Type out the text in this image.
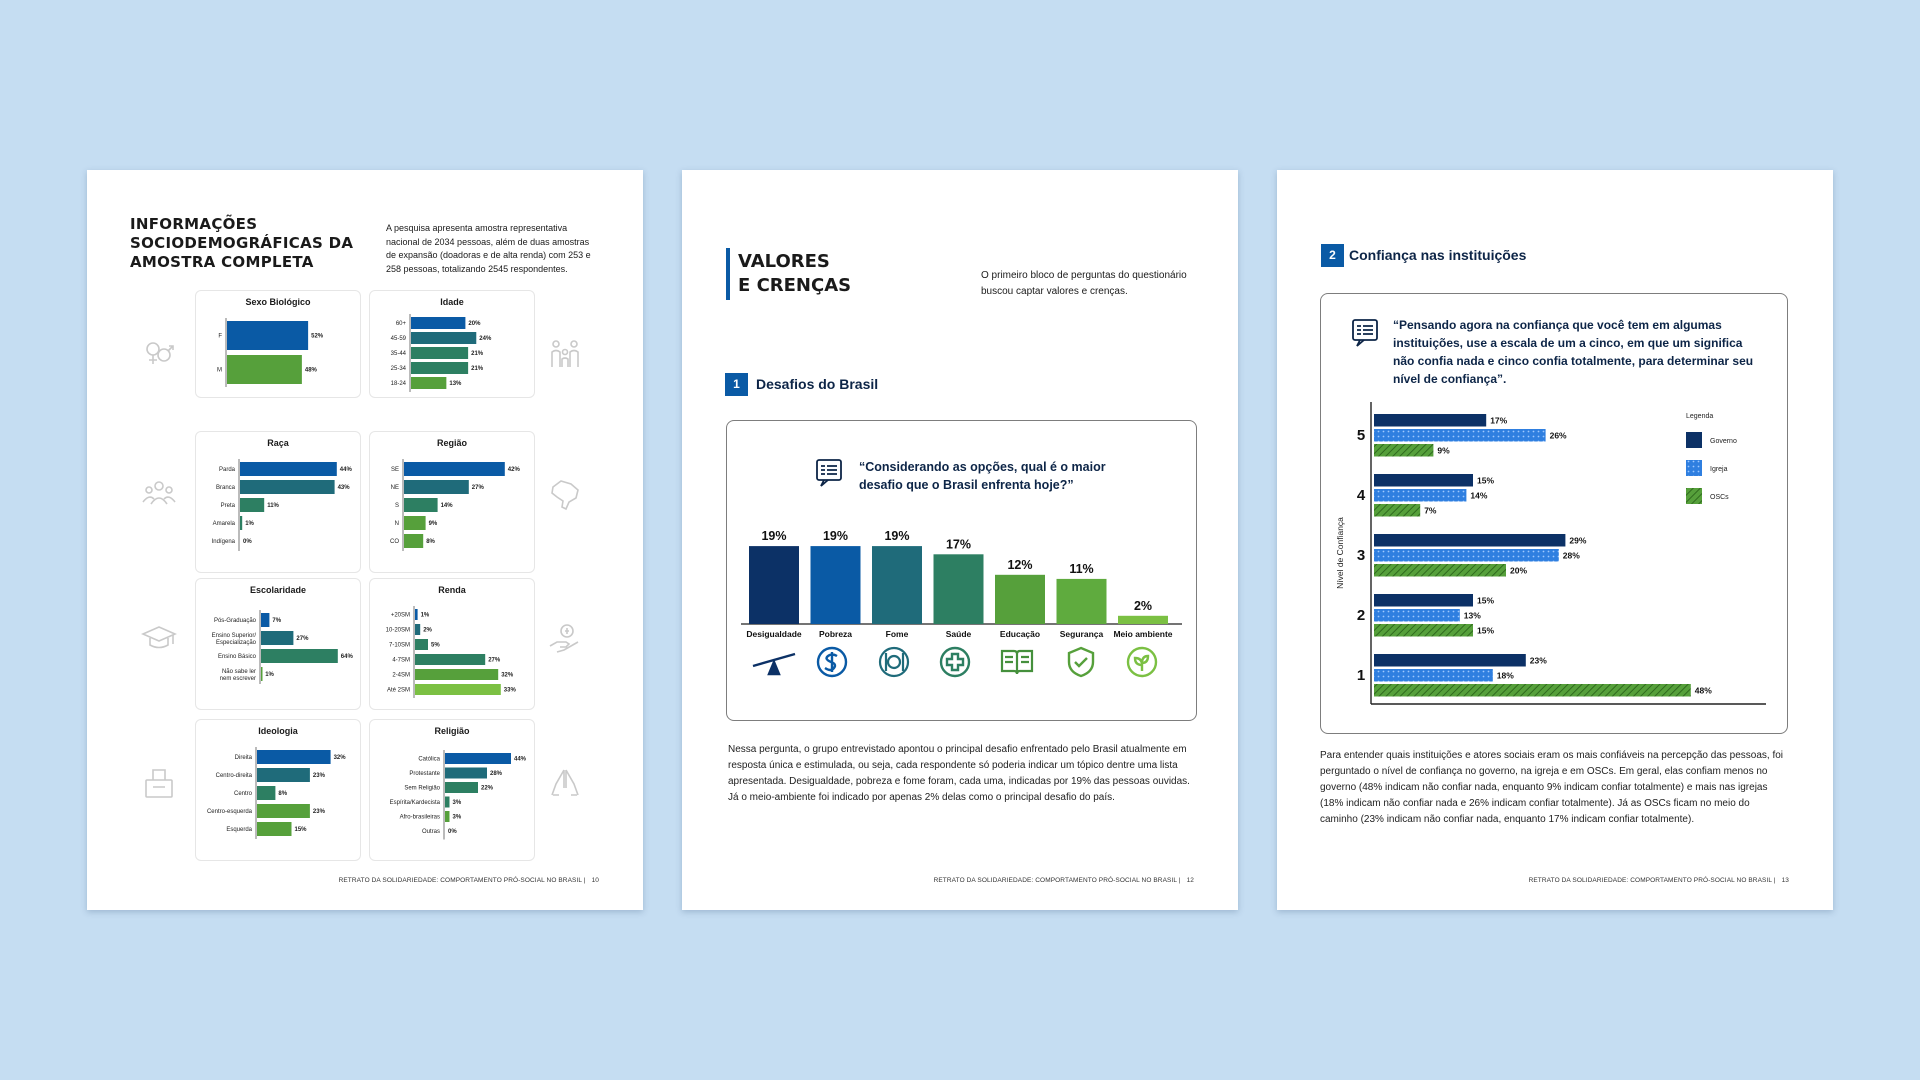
INFORMAÇÕES SOCIODEMOGRÁFICAS DA AMOSTRA COMPLETA
A pesquisa apresenta amostra representativa nacional de 2034 pessoas, além de duas amostras de expansão (doadoras e de alta renda) com 253 e 258 pessoas, totalizando 2545 respondentes.
Sexo Biológico
F	52%
M	48%
Idade
60+	20%
45-59	24%
35-44	21%
25-34	21%
18-24	13%
Raça
Parda	44%
Branca	43%
Preta	11%
Amarela 1%
Indígena 0%
Região
SE	42%
NE	27%
S	14%
N	9%
CO	8%
Escolaridade
Pós-Graduação	7%
Ensino Superior/
Especialização
27%
Ensino Básico	64%
Não sabe ler
nem escrever
1%
Renda
+20SM 1%
10-20SM 2%
7-10SM	5%
4-7SM	27%
2-4SM	32%
Até 2SM	33%
Ideologia
Direita	32%
Centro-direita	23%
Centro	8%
Centro-esquerda	23%
Esquerda	15%
Religião
Católica	44%
Protestante	28%
Sem Religião	22%
Espírita/Kardecista 3%
Afro-brasileiras 3%
Outras 0%
RETRATO DA SOLIDARIEDADE: COMPORTAMENTO PRÓ-SOCIAL NO BRASIL | 10
VALORES
E CRENÇAS	O primeiro bloco de perguntas do questionário buscou captar valores e crenças.
1	Desafios do Brasil
“Considerando as opções, qual é o maior desafio que o Brasil enfrenta hoje?”
19%
Desigualdade
19%
Pobreza
19%
Fome
17%
Saúde
12%
Educação
11%
Segurança
2%
Meio ambiente
Nessa pergunta, o grupo entrevistado apontou o principal desafio enfrentado pelo Brasil atualmente em resposta única e estimulada, ou seja, cada respondente só poderia indicar um tópico dentre uma lista apresentada. Desigualdade, pobreza e fome foram, cada uma, indicadas por 19% das pessoas ouvidas. Já o meio-ambiente foi indicado por apenas 2% delas como o principal desafio do país.
RETRATO DA SOLIDARIEDADE: COMPORTAMENTO PRÓ-SOCIAL NO BRASIL | 12
2 Confiança nas instituições
“Pensando agora na confiança que você tem em algumas instituições, use a escala de um a cinco, em que um significa não confia nada e cinco confia totalmente, para determinar seu nível de confiança”.
Nível de Confiança
5
17%
26%
9%
4
15%
14%
7%
3
29%
28%
20%
2
15%
13%
15%
1
23%
18%
48%
Legenda
Governo
Igreja
OSCs
Para entender quais instituições e atores sociais eram os mais confiáveis na percepção das pessoas, foi perguntado o nível de confiança no governo, na igreja e em OSCs. Em geral, elas confiam menos no governo (48% indicam não confiar nada, enquanto 9% indicam confiar totalmente) e mais nas igrejas (18% indicam não confiar nada e 26% indicam confiar totalmente). Já as OSCs ficam no meio do caminho (23% indicam não confiar nada, enquanto 17% indicam confiar totalmente).
RETRATO DA SOLIDARIEDADE: COMPORTAMENTO PRÓ-SOCIAL NO BRASIL | 13
